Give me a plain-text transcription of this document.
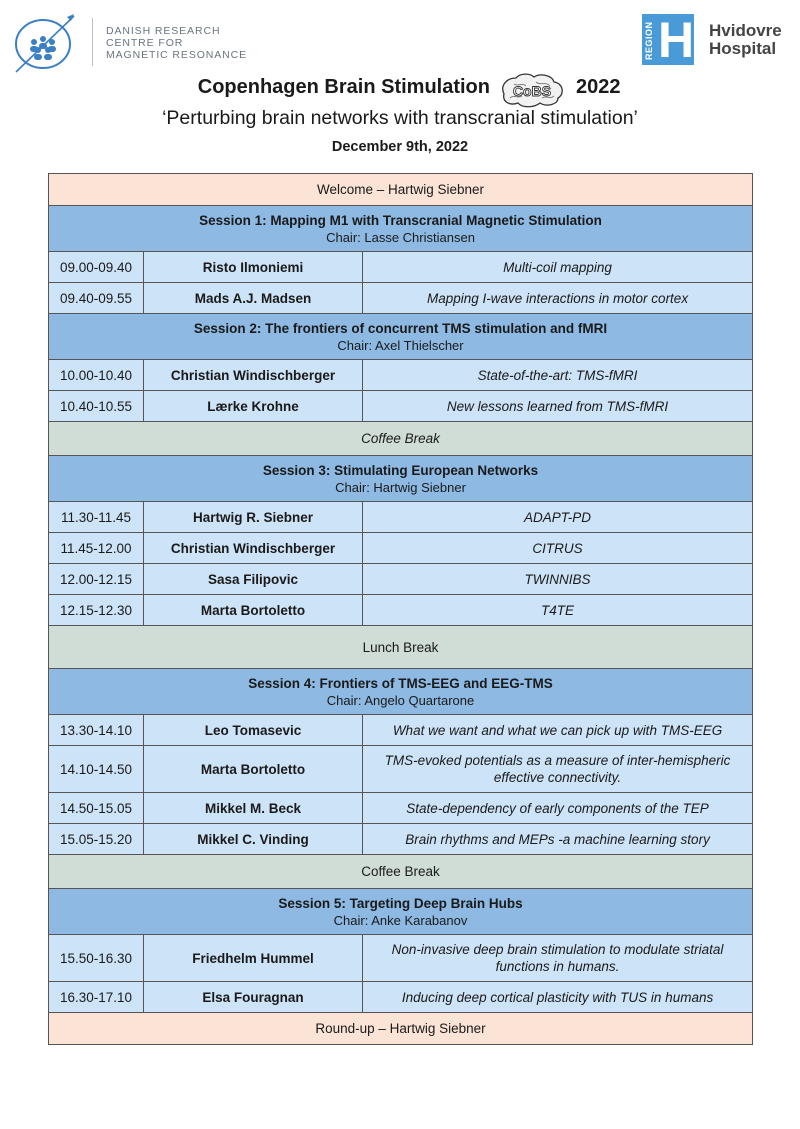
DANISH RESEARCH
CENTRE FOR
MAGNETIC RESONANCE	REGION H Hvidovre
Hospital
Copenhagen Brain Stimulation CoBS 2022
‘Perturbing brain networks with transcranial stimulation’
December 9th, 2022
Welcome – Hartwig Siebner		

Session 1: Mapping M1 with Transcranial Magnetic Stimulation
Chair: Lasse Christiansen		

09.00-09.40	Risto Ilmoniemi	Multi-coil mapping
09.40-09.55	Mads A.J. Madsen	Mapping I-wave interactions in motor cortex

Session 2: The frontiers of concurrent TMS stimulation and fMRI
Chair: Axel Thielscher		

10.00-10.40	Christian Windischberger	State-of-the-art: TMS-fMRI
10.40-10.55	Lærke Krohne	New lessons learned from TMS-fMRI
Coffee Break		

Session 3: Stimulating European Networks
Chair: Hartwig Siebner		

11.30-11.45	Hartwig R. Siebner	ADAPT-PD
11.45-12.00	Christian Windischberger	CITRUS
12.00-12.15	Sasa Filipovic	TWINNIBS
12.15-12.30	Marta Bortoletto	T4TE
Lunch Break		

Session 4: Frontiers of TMS-EEG and EEG-TMS
Chair: Angelo Quartarone		

13.30-14.10	Leo Tomasevic	What we want and what we can pick up with TMS-EEG
14.10-14.50	Marta Bortoletto	TMS-evoked potentials as a measure of inter-hemispheric effective connectivity.
14.50-15.05	Mikkel M. Beck	State-dependency of early components of the TEP
15.05-15.20	Mikkel C. Vinding	Brain rhythms and MEPs -a machine learning story
Coffee Break		

Session 5: Targeting Deep Brain Hubs
Chair: Anke Karabanov		

15.50-16.30	Friedhelm Hummel	Non-invasive deep brain stimulation to modulate striatal functions in humans.
16.30-17.10	Elsa Fouragnan	Inducing deep cortical plasticity with TUS in humans
Round-up – Hartwig Siebner		
